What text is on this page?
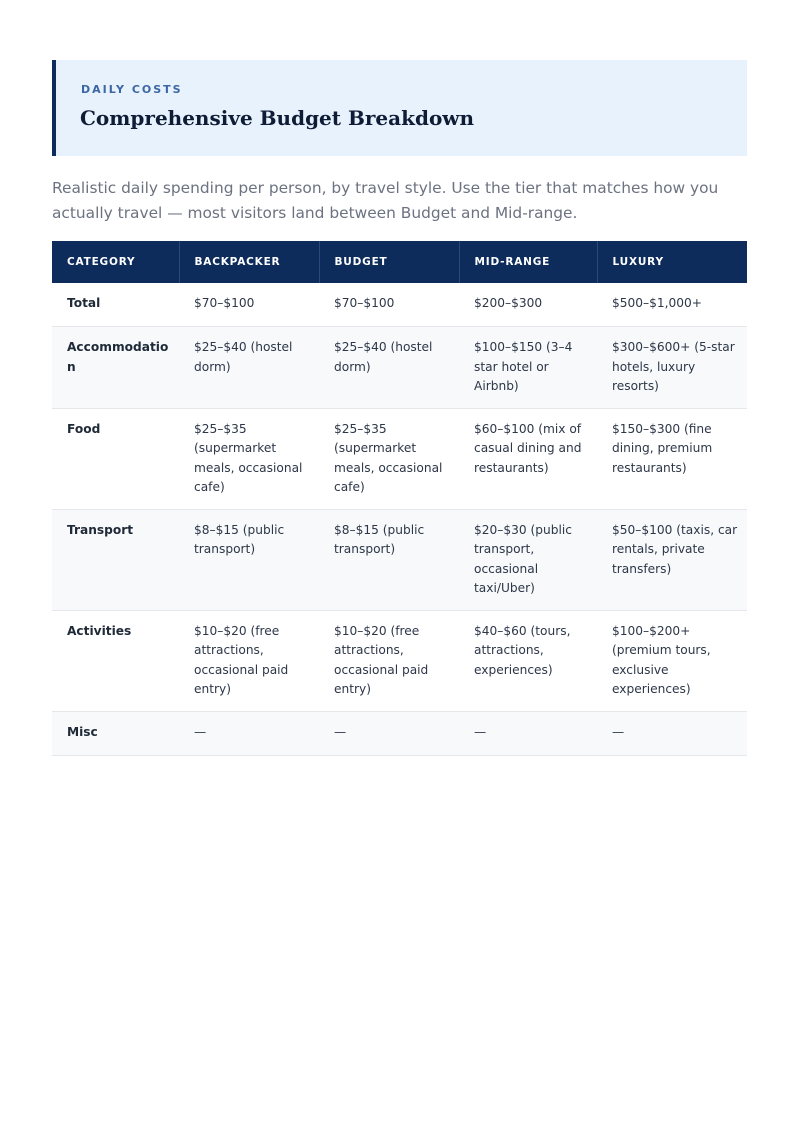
DAILY COSTS
Comprehensive Budget Breakdown
Realistic daily spending per person, by travel style. Use the tier that matches how you actually travel — most visitors land between Budget and Mid-range.
CATEGORY	BACKPACKER	BUDGET	MID-RANGE	LUXURY
Total	$70–$100	$70–$100	$200–$300	$500–$1,000+
Accommodation	$25–$40 (hostel dorm)	$25–$40 (hostel dorm)	$100–$150 (3–4 star hotel or Airbnb)	$300–$600+ (5-star hotels, luxury resorts)
Food	$25–$35 (supermarket meals, occasional cafe)	$25–$35 (supermarket meals, occasional cafe)	$60–$100 (mix of casual dining and restaurants)	$150–$300 (fine dining, premium restaurants)
Transport	$8–$15 (public transport)	$8–$15 (public transport)	$20–$30 (public transport, occasional taxi/Uber)	$50–$100 (taxis, car rentals, private transfers)
Activities	$10–$20 (free attractions, occasional paid entry)	$10–$20 (free attractions, occasional paid entry)	$40–$60 (tours, attractions, experiences)	$100–$200+ (premium tours, exclusive experiences)
Misc	—	—	—	—
